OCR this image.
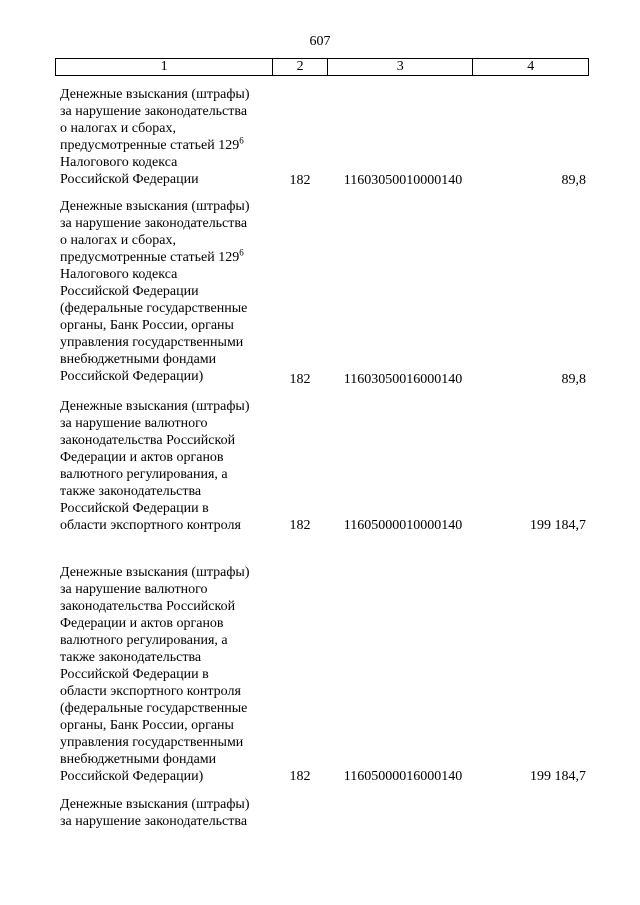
607
1	2	3	4
Денежные взыскания (штрафы)
за нарушение законодательства
о налогах и сборах,
предусмотренные статьей $129^6$
Налогового кодекса
Российской Федерации	182	11603050010000140	89,8
Денежные взыскания (штрафы)
за нарушение законодательства
о налогах и сборах,
предусмотренные статьей $129^6$
Налогового кодекса
Российской Федерации
(федеральные государственные
органы, Банк России, органы
управления государственными
внебюджетными фондами
Российской Федерации)	182	11603050016000140	89,8
Денежные взыскания (штрафы)
за нарушение валютного
законодательства Российской
Федерации и актов органов
валютного регулирования, а
также законодательства
Российской Федерации в
области экспортного контроля	182	11605000010000140	199 184,7
Денежные взыскания (штрафы)
за нарушение валютного
законодательства Российской
Федерации и актов органов
валютного регулирования, а
также законодательства
Российской Федерации в
области экспортного контроля
(федеральные государственные
органы, Банк России, органы
управления государственными
внебюджетными фондами
Российской Федерации)	182	11605000016000140	199 184,7
Денежные взыскания (штрафы)
за нарушение законодательства
